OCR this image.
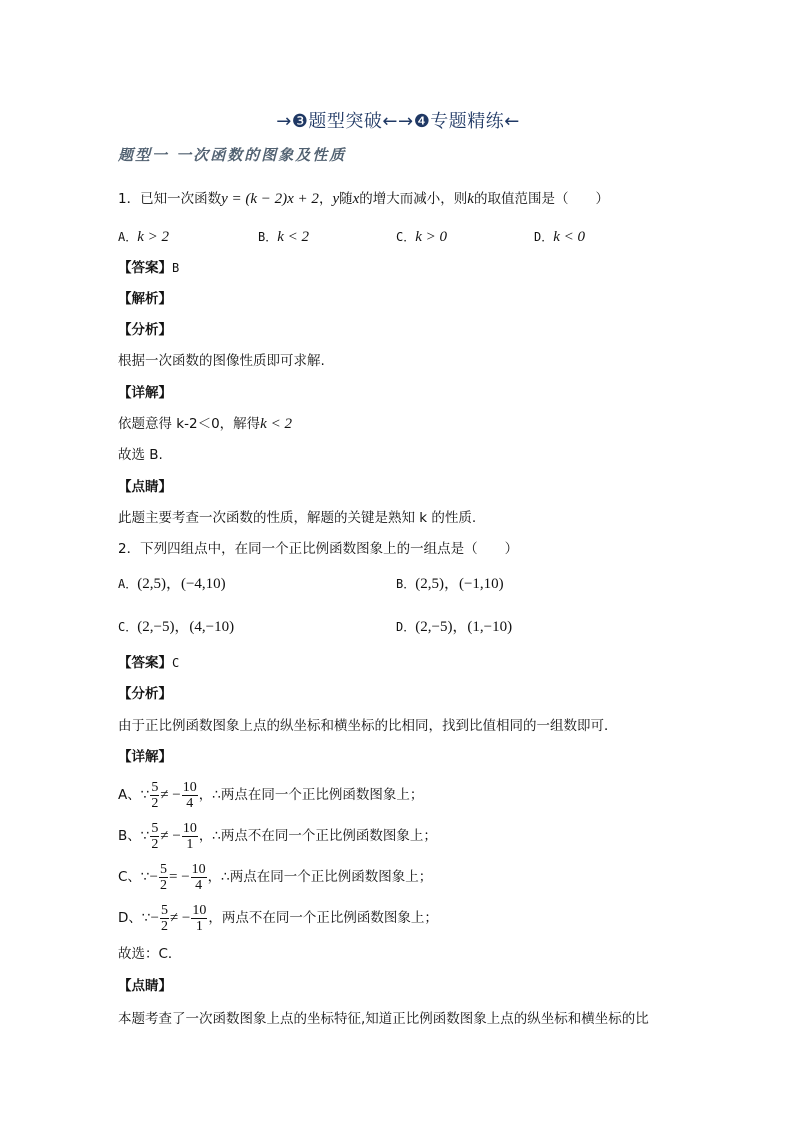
→❸题型突破←→❹专题精练←
题型一 一次函数的图象及性质
1．已知一次函数y = (k − 2)x + 2，y随x的增大而减小，则k的取值范围是（　　）
A．k > 2	B．k < 2	C．k > 0	D．k < 0
【答案】B
【解析】
【分析】
根据一次函数的图像性质即可求解.
【详解】
依题意得 k-2＜0，解得k < 2
故选 B.
【点睛】
此题主要考查一次函数的性质，解题的关键是熟知 k 的性质.
2．下列四组点中，在同一个正比例函数图象上的一组点是（　　）
A．(2,5)，(−4,10)	B．(2,5)，(−1,10)
C．(2,−5)，(4,−10)	D．(2,−5)，(1,−10)
【答案】C
【分析】
由于正比例函数图象上点的纵坐标和横坐标的比相同，找到比值相同的一组数即可．
【详解】
A、∵ $\frac{5}{2}$ ≠ − $\frac{10}{4}$ ，∴两点在同一个正比例函数图象上；
B、∵ $\frac{5}{2}$ ≠ − $\frac{10}{1}$ ，∴两点不在同一个正比例函数图象上；
C、∵− $\frac{5}{2}$ = − $\frac{10}{4}$ ，∴两点在同一个正比例函数图象上；
D、∵− $\frac{5}{2}$ ≠ − $\frac{10}{1}$ ，两点不在同一个正比例函数图象上；
故选：C．
【点睛】
本题考查了一次函数图象上点的坐标特征,知道正比例函数图象上点的纵坐标和横坐标的比
